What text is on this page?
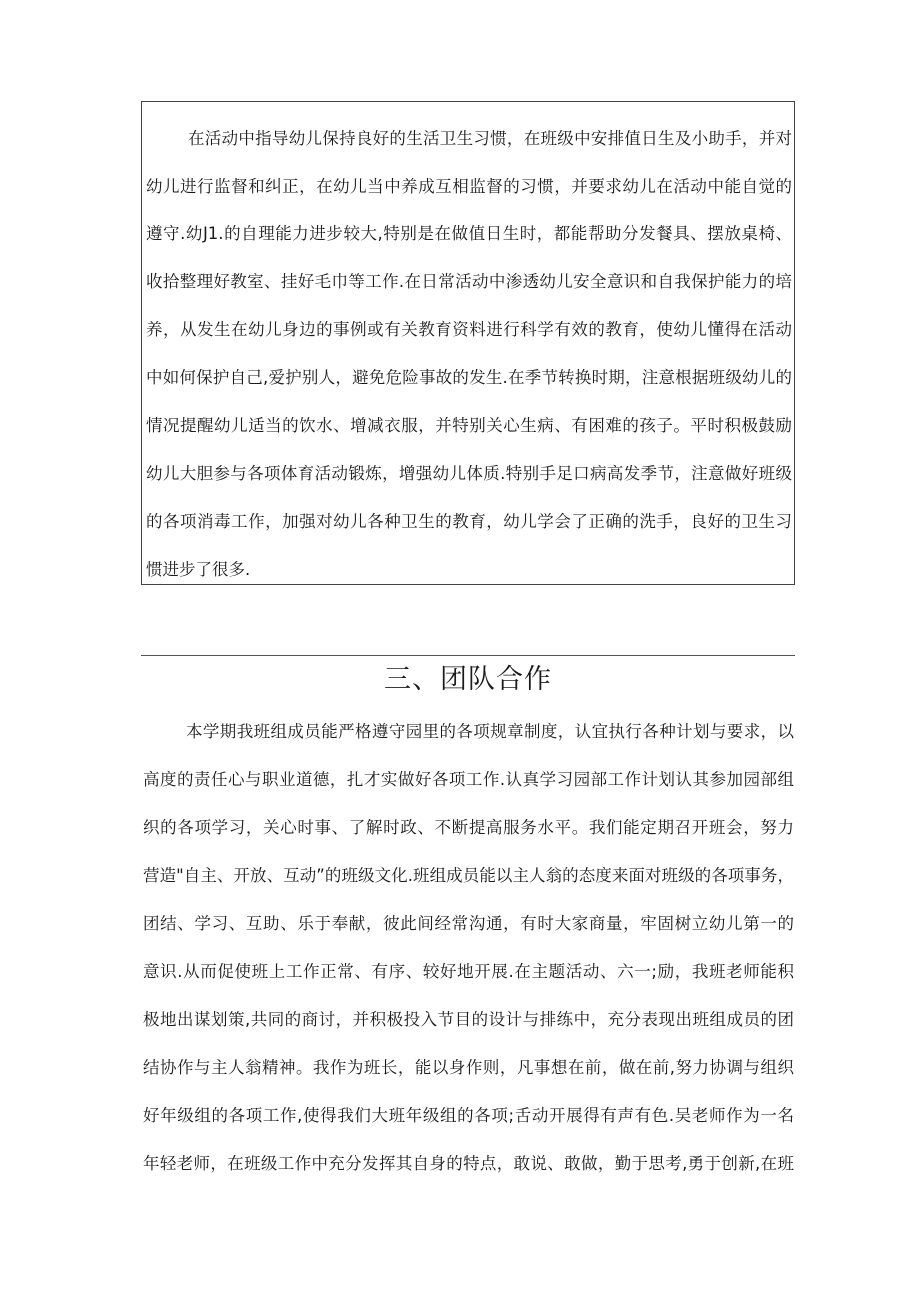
在活动中指导幼儿保持良好的生活卫生习惯，在班级中安排值日生及小助手，并对
幼儿进行监督和纠正，在幼儿当中养成互相监督的习惯，并要求幼儿在活动中能自觉的
遵守.幼J1.的自理能力进步较大,特别是在做值日生时，都能帮助分发餐具、摆放桌椅、
收拾整理好教室、挂好毛巾等工作.在日常活动中渗透幼儿安全意识和自我保护能力的培
养，从发生在幼儿身边的事例或有关教育资料进行科学有效的教育，使幼儿懂得在活动
中如何保护自己,爱护别人，避免危险事故的发生.在季节转换时期，注意根据班级幼儿的
情况提醒幼儿适当的饮水、增减衣服，并特别关心生病、有困难的孩子。平时积极鼓励
幼儿大胆参与各项体育活动锻炼，增强幼儿体质.特别手足口病高发季节，注意做好班级
的各项消毒工作，加强对幼儿各种卫生的教育，幼儿学会了正确的洗手，良好的卫生习
惯进步了很多.
三、团队合作
本学期我班组成员能严格遵守园里的各项规章制度，认宜执行各种计划与要求，以
高度的责任心与职业道德，扎才实做好各项工作.认真学习园部工作计划认其参加园部组
织的各项学习，关心时事、了解时政、不断提高服务水平。我们能定期召开班会，努力
营造"自主、开放、互动”的班级文化.班组成员能以主人翁的态度来面对班级的各项事务，
团结、学习、互助、乐于奉献，彼此间经常沟通，有时大家商量，牢固树立幼儿第一的
意识.从而促使班上工作正常、有序、较好地开展.在主题活动、六一;励，我班老师能积
极地出谋划策,共同的商讨，并积极投入节目的设计与排练中，充分表现出班组成员的团
结协作与主人翁精神。我作为班长，能以身作则，凡事想在前，做在前,努力协调与组织
好年级组的各项工作,使得我们大班年级组的各项;舌动开展得有声有色.吴老师作为一名
年轻老师，在班级工作中充分发挥其自身的特点，敢说、敢做，勤于思考,勇于创新,在班
